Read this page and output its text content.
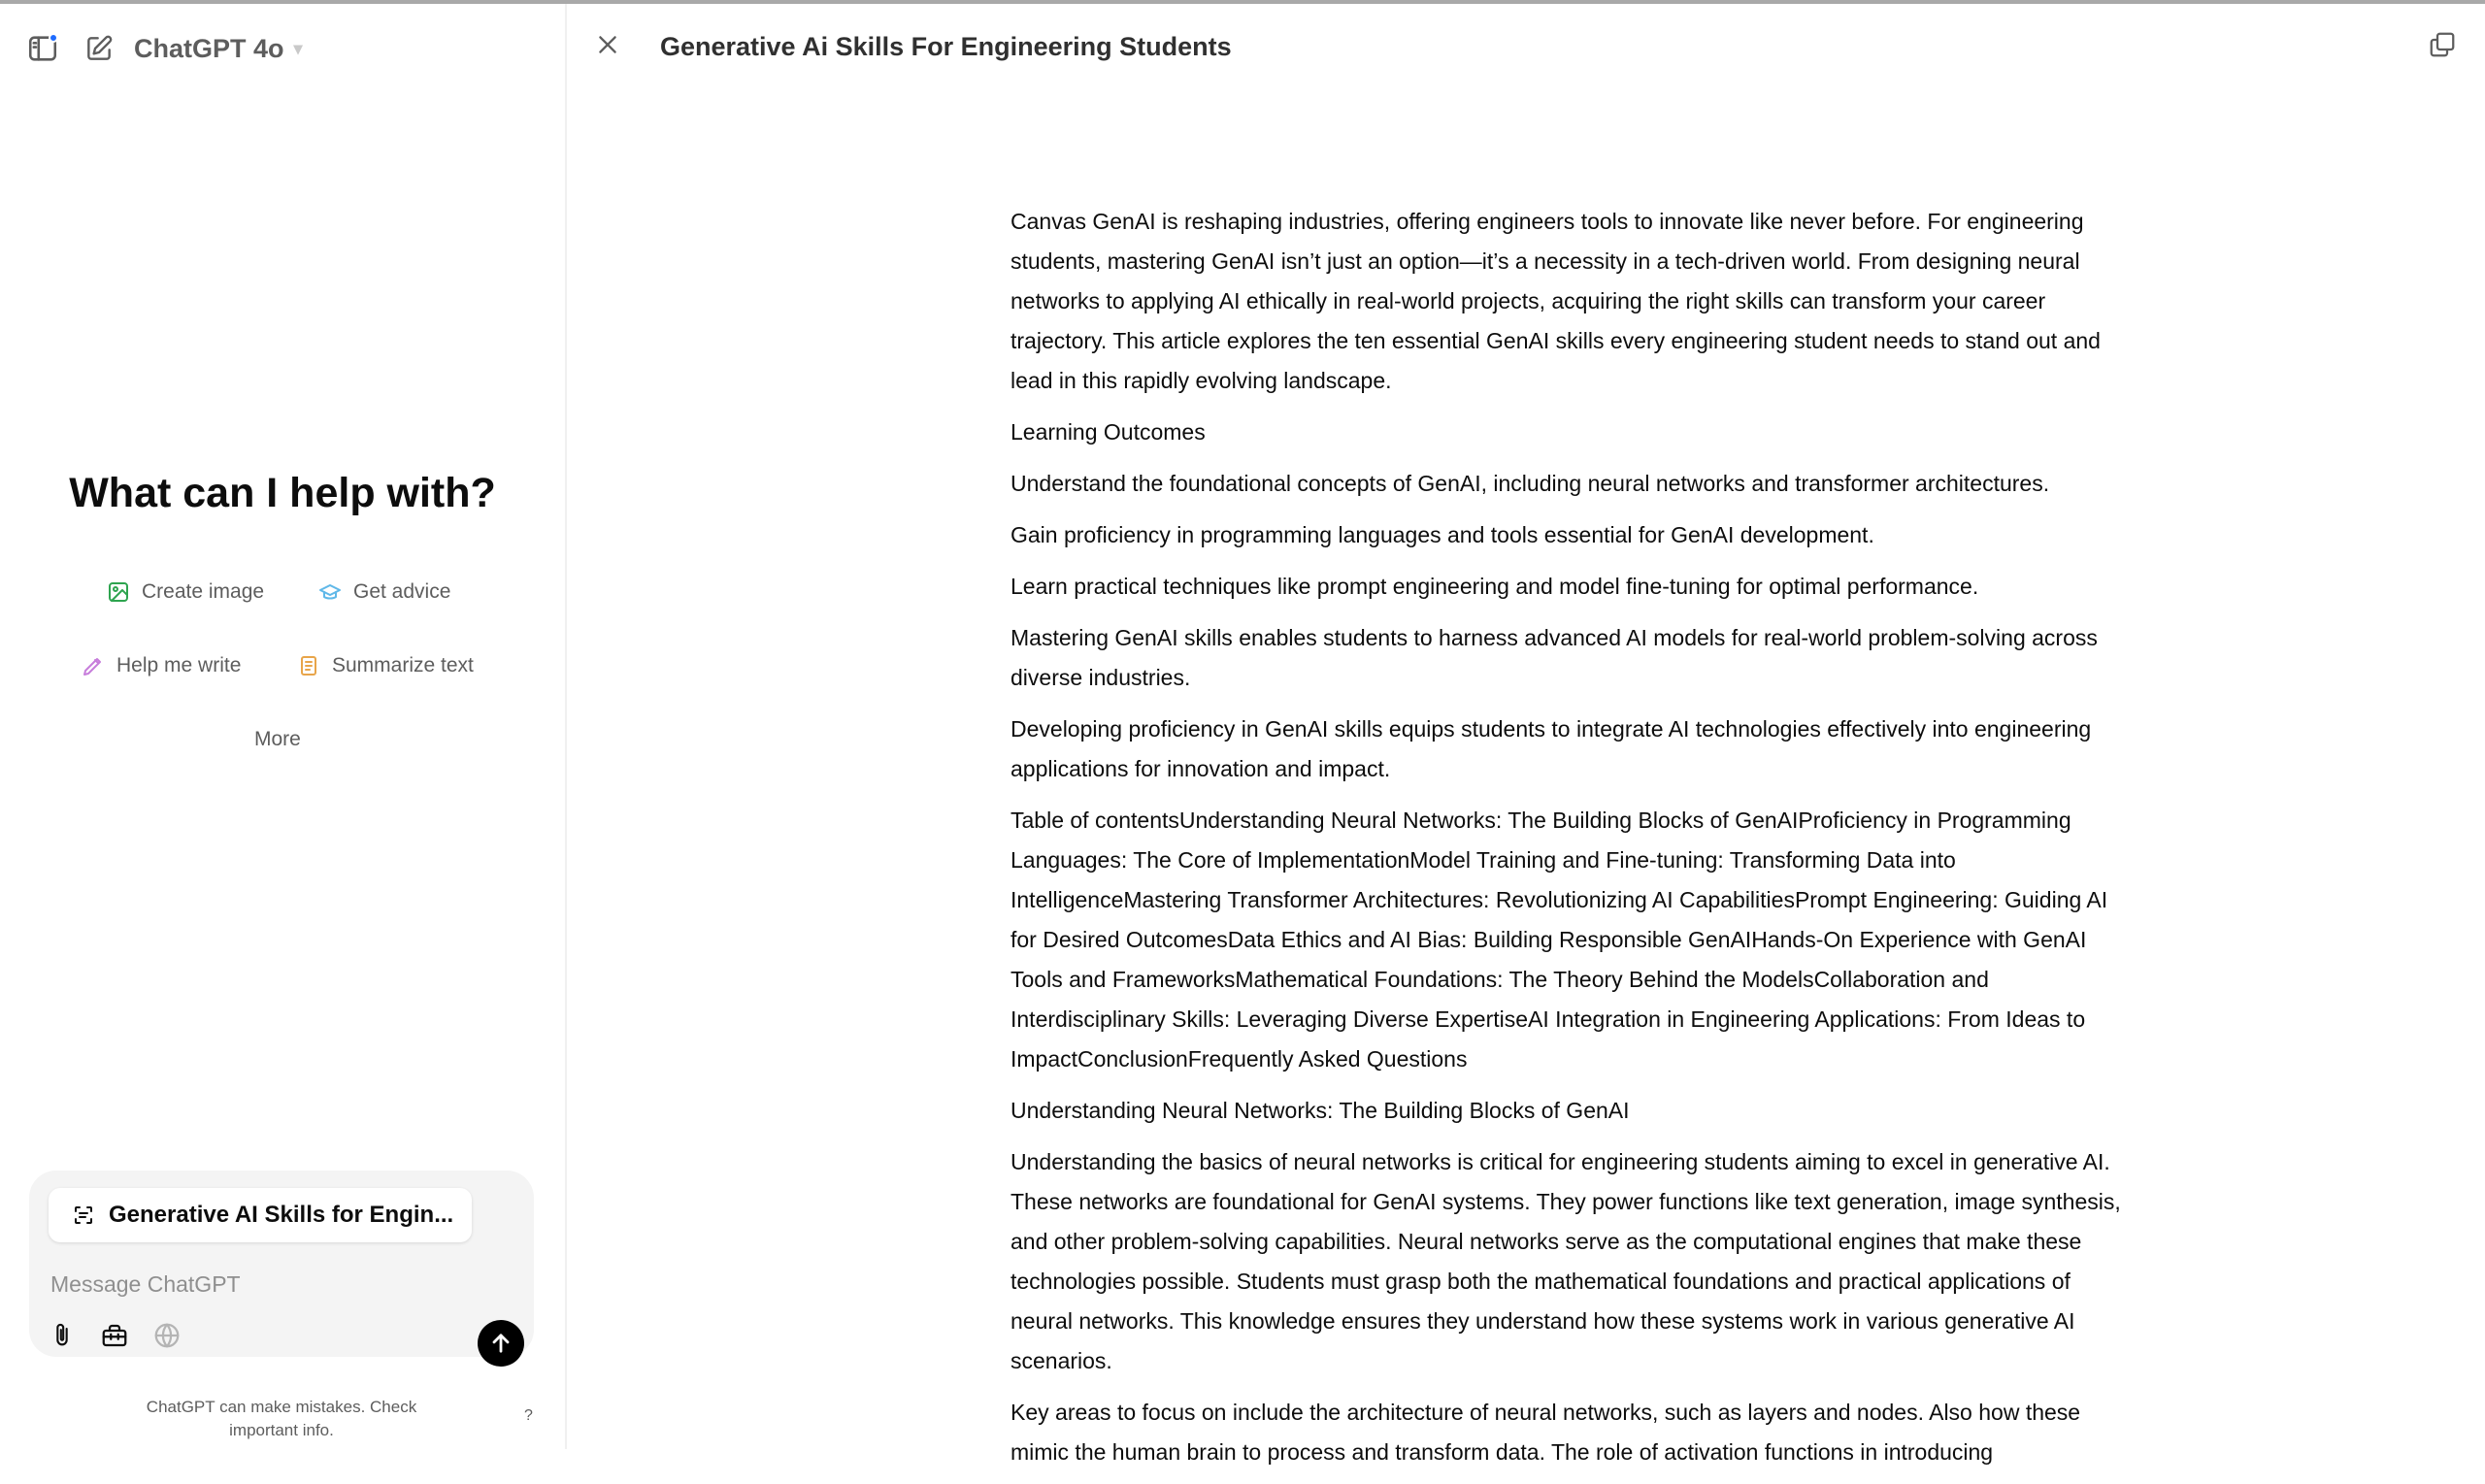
ChatGPT 4o ▾
What can I help with?
Create image	Get advice
Help me write	Summarize text
More
Generative AI Skills for Engin...
Message ChatGPT
ChatGPT can make mistakes. Check important info.
?
Generative Ai Skills For Engineering Students

Canvas GenAI is reshaping industries, offering engineers tools to innovate like never before. For engineering students, mastering GenAI isn’t just an option—it’s a necessity in a tech-driven world. From designing neural networks to applying AI ethically in real-world projects, acquiring the right skills can transform your career trajectory. This article explores the ten essential GenAI skills every engineering student needs to stand out and lead in this rapidly evolving landscape.

Learning Outcomes

Understand the foundational concepts of GenAI, including neural networks and transformer architectures.

Gain proficiency in programming languages and tools essential for GenAI development.

Learn practical techniques like prompt engineering and model fine-tuning for optimal performance.

Mastering GenAI skills enables students to harness advanced AI models for real-world problem-solving across diverse industries.

Developing proficiency in GenAI skills equips students to integrate AI technologies effectively into engineering applications for innovation and impact.

Table of contentsUnderstanding Neural Networks: The Building Blocks of GenAIProficiency in Programming Languages: The Core of ImplementationModel Training and Fine-tuning: Transforming Data into IntelligenceMastering Transformer Architectures: Revolutionizing AI CapabilitiesPrompt Engineering: Guiding AI for Desired OutcomesData Ethics and AI Bias: Building Responsible GenAIHands-On Experience with GenAI Tools and FrameworksMathematical Foundations: The Theory Behind the ModelsCollaboration and Interdisciplinary Skills: Leveraging Diverse ExpertiseAI Integration in Engineering Applications: From Ideas to ImpactConclusionFrequently Asked Questions

Understanding Neural Networks: The Building Blocks of GenAI

Understanding the basics of neural networks is critical for engineering students aiming to excel in generative AI. These networks are foundational for GenAI systems. They power functions like text generation, image synthesis, and other problem-solving capabilities. Neural networks serve as the computational engines that make these technologies possible. Students must grasp both the mathematical foundations and practical applications of neural networks. This knowledge ensures they understand how these systems work in various generative AI scenarios.

Key areas to focus on include the architecture of neural networks, such as layers and nodes. Also how these mimic the human brain to process and transform data. The role of activation functions in introducing
